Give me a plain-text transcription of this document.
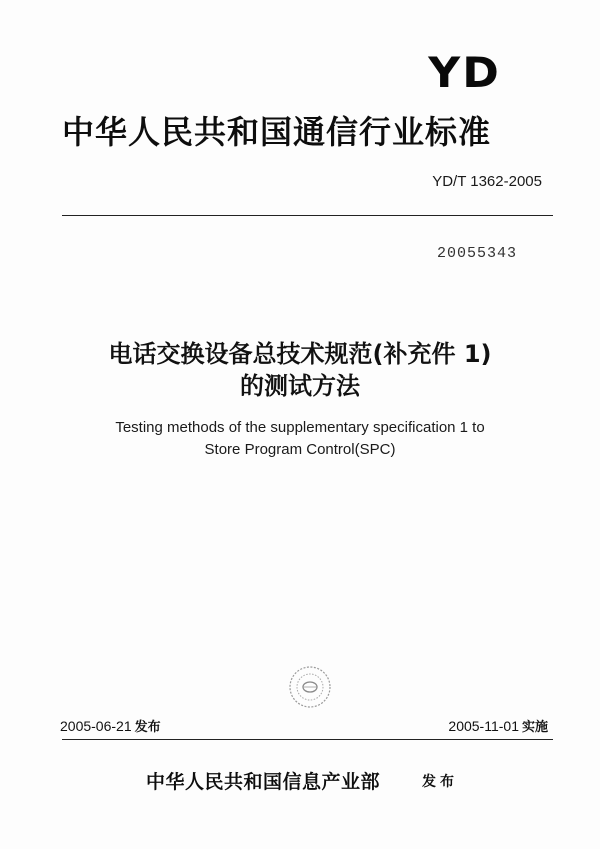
YD
中华人民共和国通信行业标准
YD/T 1362-2005
20055343
电话交换设备总技术规范(补充件 1)
的测试方法
Testing methods of the supplementary specification 1 to
Store Program Control(SPC)
2005-06-21 发布	2005-11-01 实施
中华人民共和国信息产业部	发布
